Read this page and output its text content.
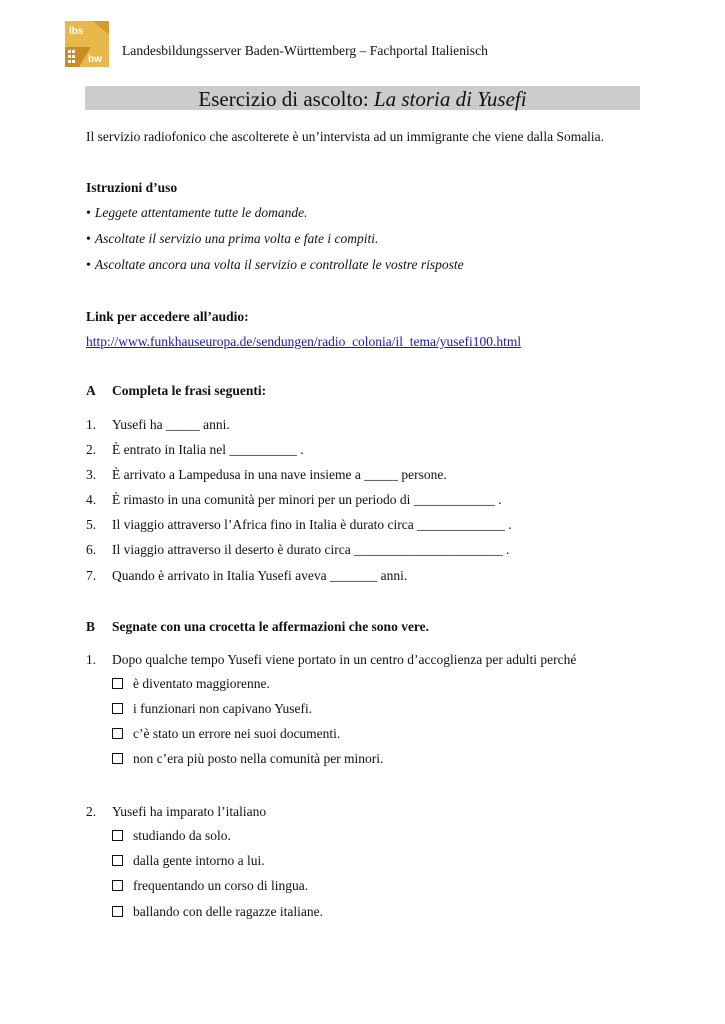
lbs
bw
Landesbildungsserver Baden-Württemberg – Fachportal Italienisch
Esercizio di ascolto: La storia di Yusefi
Il servizio radiofonico che ascolterete è un’intervista ad un immigrante che viene dalla Somalia.
Istruzioni d’uso
• Leggete attentamente tutte le domande.
• Ascoltate il servizio una prima volta e fate i compiti.
• Ascoltate ancora una volta il servizio e controllate le vostre risposte
Link per accedere all’audio:
http://www.funkhauseuropa.de/sendungen/radio_colonia/il_tema/yusefi100.html
A Completa le frasi seguenti:
1. Yusefi ha _____ anni.
2. È entrato in Italia nel __________ .
3. È arrivato a Lampedusa in una nave insieme a _____ persone.
4. È rimasto in una comunità per minori per un periodo di ____________ .
5. Il viaggio attraverso l’Africa fino in Italia è durato circa _____________ .
6. Il viaggio attraverso il deserto è durato circa ______________________ .
7. Quando è arrivato in Italia Yusefi aveva _______ anni.
B Segnate con una crocetta le affermazioni che sono vere.
1. Dopo qualche tempo Yusefi viene portato in un centro d’accoglienza per adulti perché
è diventato maggiorenne.
i funzionari non capivano Yusefi.
c’è stato un errore nei suoi documenti.
non c’era più posto nella comunità per minori.
2. Yusefi ha imparato l’italiano
studiando da solo.
dalla gente intorno a lui.
frequentando un corso di lingua.
ballando con delle ragazze italiane.
